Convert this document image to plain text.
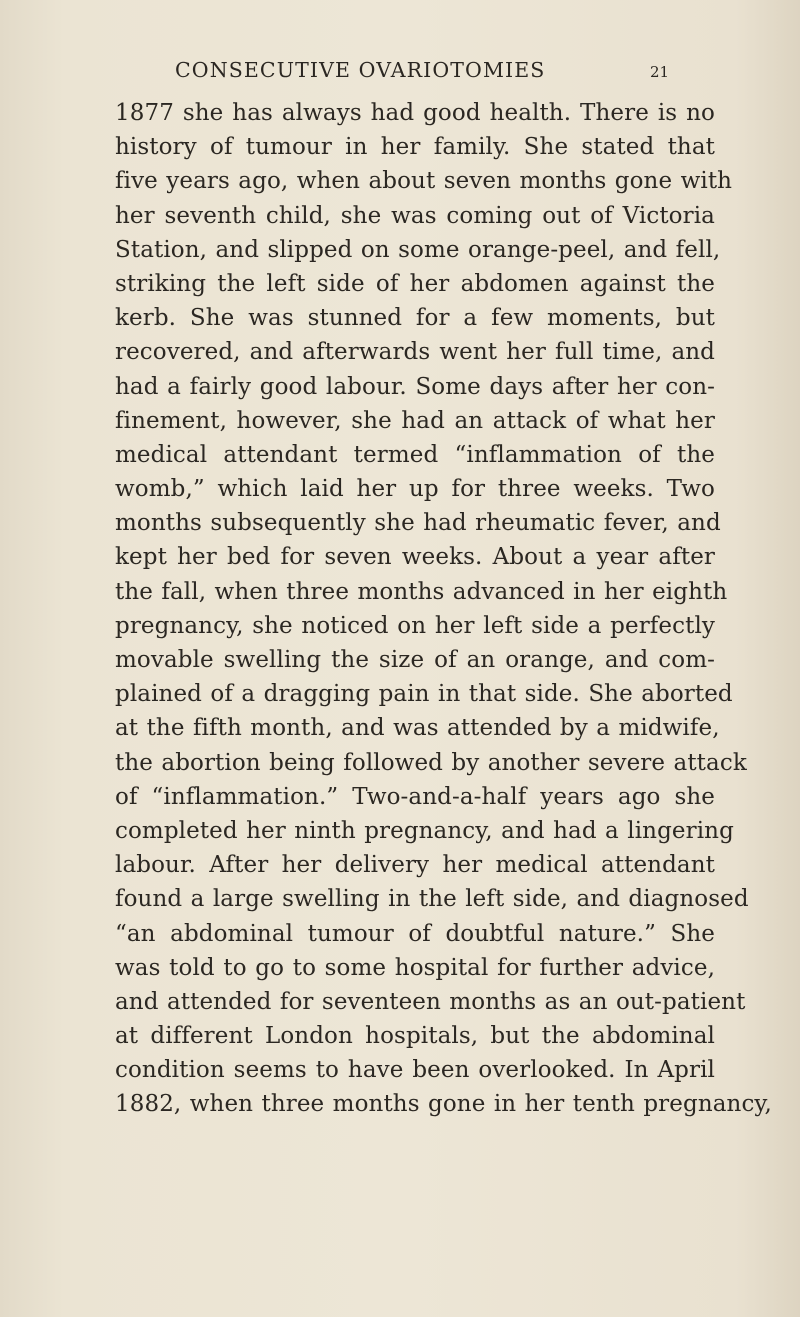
CONSECUTIVE OVARIOTOMIES	21
1877 she has always had good health. There is no
history of tumour in her family. She stated that
five years ago, when about seven months gone with
her seventh child, she was coming out of Victoria
Station, and slipped on some orange-peel, and fell,
striking the left side of her abdomen against the
kerb. She was stunned for a few moments, but
recovered, and afterwards went her full time, and
had a fairly good labour. Some days after her con-
finement, however, she had an attack of what her
medical attendant termed “inflammation of the
womb,” which laid her up for three weeks. Two
months subsequently she had rheumatic fever, and
kept her bed for seven weeks. About a year after
the fall, when three months advanced in her eighth
pregnancy, she noticed on her left side a perfectly
movable swelling the size of an orange, and com-
plained of a dragging pain in that side. She aborted
at the fifth month, and was attended by a midwife,
the abortion being followed by another severe attack
of “inflammation.” Two-and-a-half years ago she
completed her ninth pregnancy, and had a lingering
labour. After her delivery her medical attendant
found a large swelling in the left side, and diagnosed
“an abdominal tumour of doubtful nature.” She
was told to go to some hospital for further advice,
and attended for seventeen months as an out-patient
at different London hospitals, but the abdominal
condition seems to have been overlooked. In April
1882, when three months gone in her tenth pregnancy,
